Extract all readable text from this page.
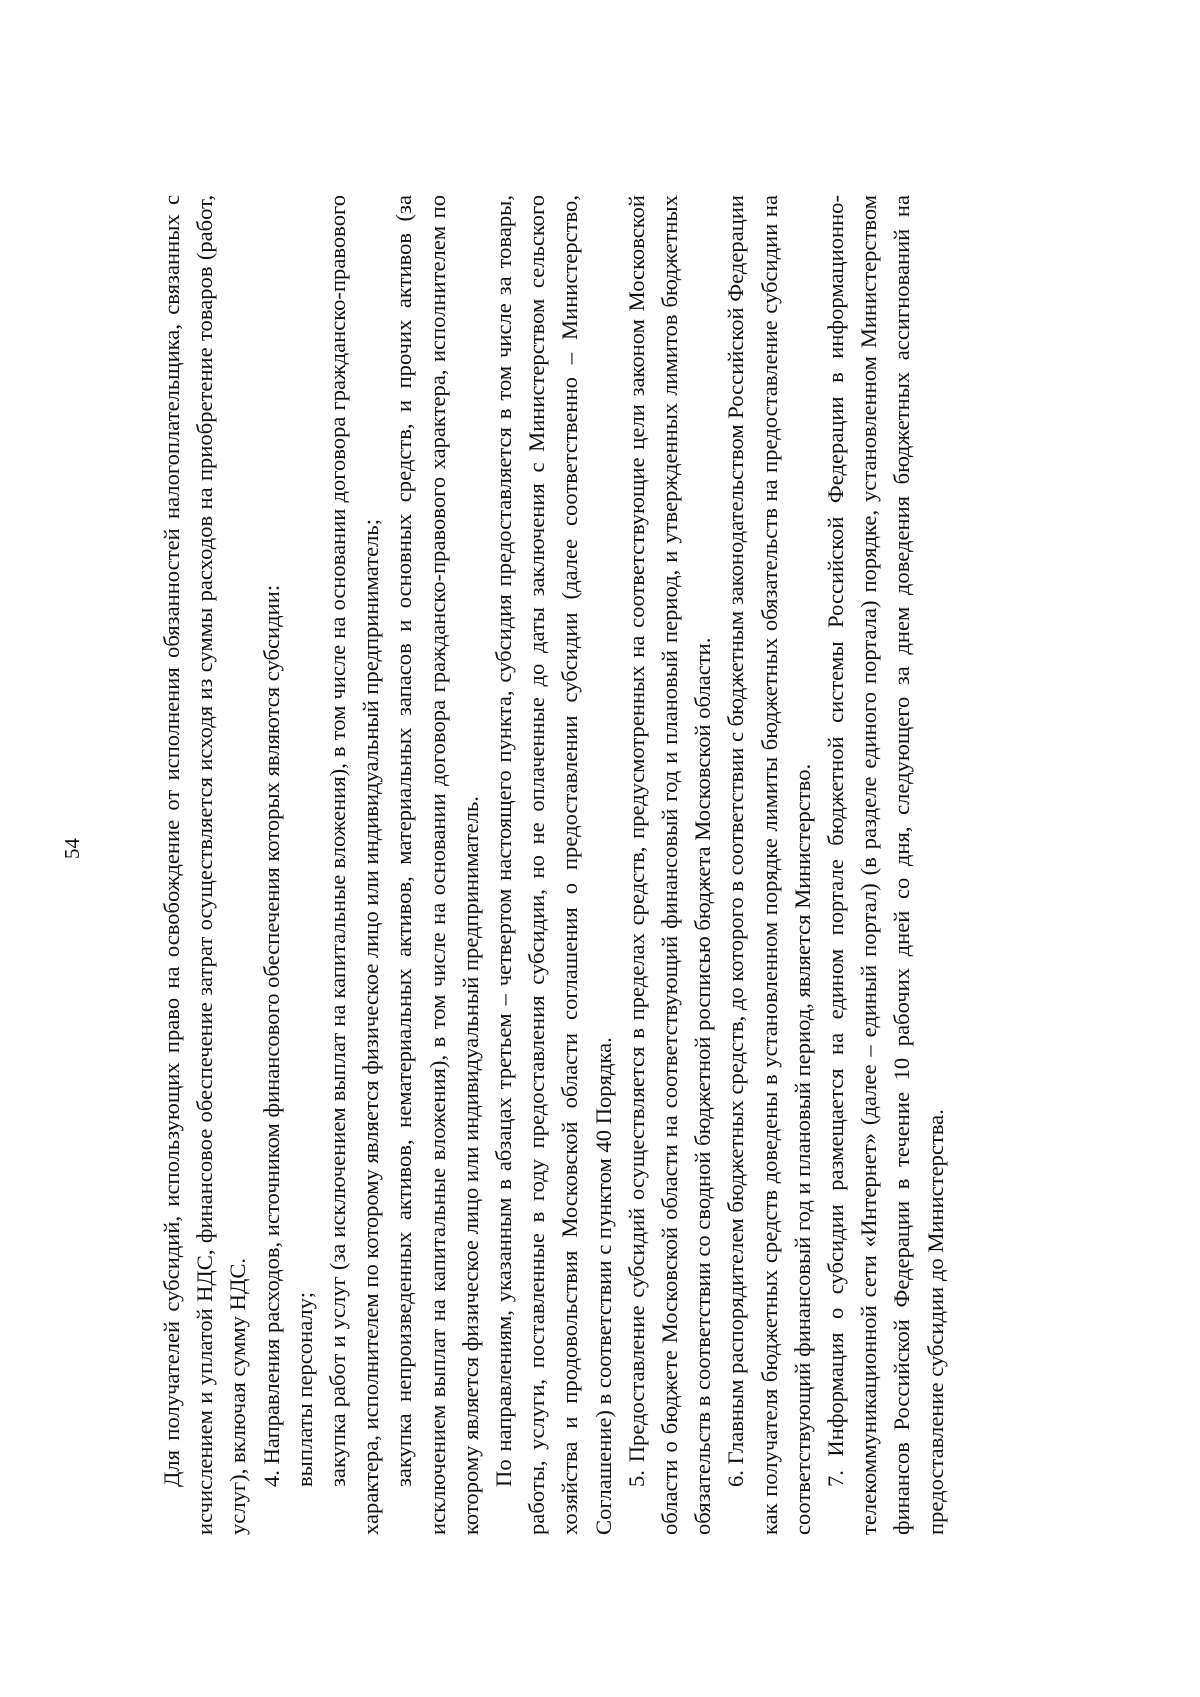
54	Для получателей субсидий, использующих право на освобождение от исполнения обязанностей налогоплательщика, связанных с исчислением и уплатой НДС, финансовое обеспечение затрат осуществляется исходя из суммы расходов на приобретение товаров (работ, услуг), включая сумму НДС. 4. Направления расходов, источником финансового обеспечения которых являются субсидии: выплаты персоналу; закупка работ и услуг (за исключением выплат на капитальные вложения), в том числе на основании договора гражданско-правового характера, исполнителем по которому является физическое лицо или индивидуальный предприниматель; закупка непроизведенных активов, нематериальных активов, материальных запасов и основных средств, и прочих активов (за исключением выплат на капитальные вложения), в том числе на основании договора гражданско-правового характера, исполнителем по которому является физическое лицо или индивидуальный предприниматель. По направлениям, указанным в абзацах третьем – четвертом настоящего пункта, субсидия предоставляется в том числе за товары, работы, услуги, поставленные в году предоставления субсидии, но не оплаченные до даты заключения с Министерством сельского хозяйства и продовольствия Московской области соглашения о предоставлении субсидии (далее соответственно – Министерство, Соглашение) в соответствии с пунктом 40 Порядка. 5. Предоставление субсидий осуществляется в пределах средств, предусмотренных на соответствующие цели законом Московской области о бюджете Московской области на соответствующий финансовый год и плановый период, и утвержденных лимитов бюджетных обязательств в соответствии со сводной бюджетной росписью бюджета Московской области. 6. Главным распорядителем бюджетных средств, до которого в соответствии с бюджетным законодательством Российской Федерации как получателя бюджетных средств доведены в установленном порядке лимиты бюджетных обязательств на предоставление субсидии на соответствующий финансовый год и плановый период, является Министерство. 7. Информация о субсидии размещается на едином портале бюджетной системы Российской Федерации в информационно-телекоммуникационной сети «Интернет» (далее – единый портал) (в разделе единого портала) порядке, установленном Министерством финансов Российской Федерации в течение 10 рабочих дней со дня, следующего за днем доведения бюджетных ассигнований на предоставление субсидии до Министерства.
